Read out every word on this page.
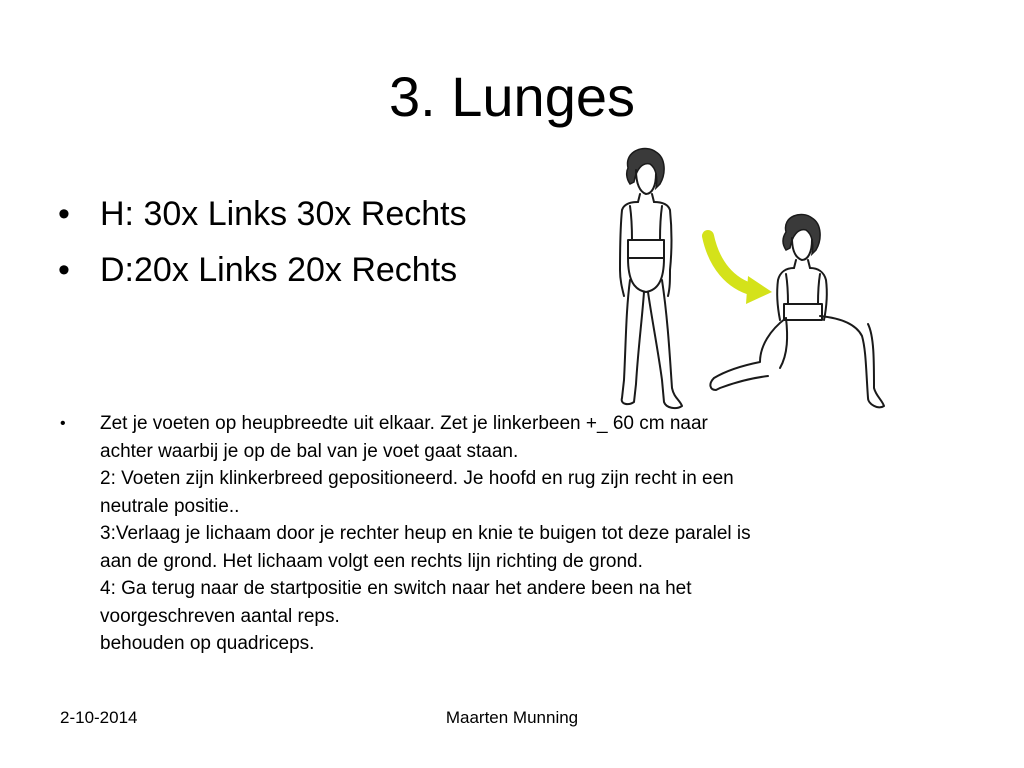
3. Lunges
• H: 30x Links 30x Rechts
• D:20x Links 20x Rechts
• Zet je voeten op heupbreedte uit elkaar. Zet je linkerbeen +_ 60 cm naar
achter waarbij je op de bal van je voet gaat staan.
2: Voeten zijn klinkerbreed gepositioneerd. Je hoofd en rug zijn recht in een
neutrale positie..
3:Verlaag je lichaam door je rechter heup en knie te buigen tot deze paralel is
aan de grond. Het lichaam volgt een rechts lijn richting de grond.
4: Ga terug naar de startpositie en switch naar het andere been na het
voorgeschreven aantal reps.
behouden op quadriceps.
2-10-2014	Maarten Munning
